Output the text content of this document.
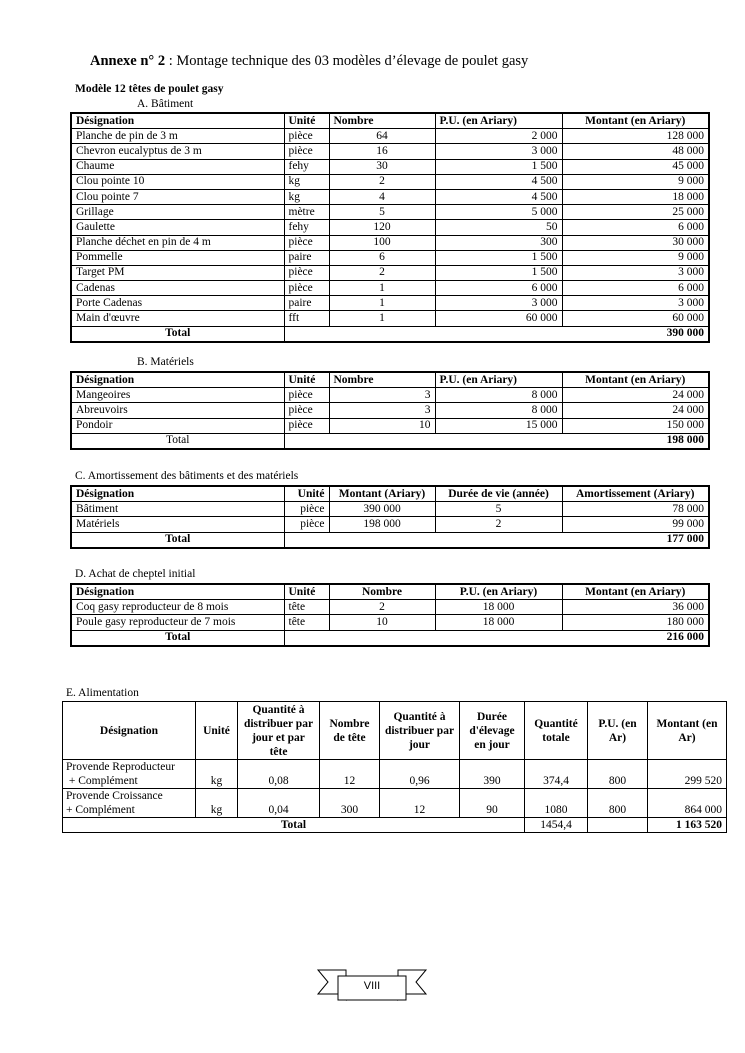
Annexe n° 2 : Montage technique des 03 modèles d’élevage de poulet gasy
Modèle 12 têtes de poulet gasy
A. Bâtiment
Désignation	Unité	Nombre	P.U. (en Ariary)	Montant (en Ariary)
Planche de pin de 3 m	pièce	64	2 000	128 000
Chevron eucalyptus de 3 m	pièce	16	3 000	48 000
Chaume	fehy	30	1 500	45 000
Clou pointe 10	kg	2	4 500	9 000
Clou pointe 7	kg	4	4 500	18 000
Grillage	mètre	5	5 000	25 000
Gaulette	fehy	120	50	6 000
Planche déchet en pin de 4 m	pièce	100	300	30 000
Pommelle	paire	6	1 500	9 000
Target PM	pièce	2	1 500	3 000
Cadenas	pièce	1	6 000	6 000
Porte Cadenas	paire	1	3 000	3 000
Main d'œuvre	fft	1	60 000	60 000
Total	390 000			
B. Matériels
Désignation	Unité	Nombre	P.U. (en Ariary)	Montant (en Ariary)
Mangeoires	pièce	3	8 000	24 000
Abreuvoirs	pièce	3	8 000	24 000
Pondoir	pièce	10	15 000	150 000
Total	198 000			
C. Amortissement des bâtiments et des matériels
Désignation	Unité	Montant (Ariary)	Durée de vie (année)	Amortissement (Ariary)
Bâtiment	pièce	390 000	5	78 000
Matériels	pièce	198 000	2	99 000
Total	177 000			
D. Achat de cheptel initial
Désignation	Unité	Nombre	P.U. (en Ariary)	Montant (en Ariary)
Coq gasy reproducteur de 8 mois	tête	2	18 000	36 000
Poule gasy reproducteur de 7 mois	tête	10	18 000	180 000
Total	216 000			
E. Alimentation
Désignation	Unité	Quantité à distribuer par jour et par tête	Nombre de tête	Quantité à distribuer par jour	Durée d'élevage en jour	Quantité totale	P.U. (en Ar)	Montant (en Ar)

Provende Reproducteur
+ Complément	kg	0,08	12	0,96	390	374,4	800	299 520

Provende Croissance
+ Complément	kg	0,04	300	12	90	1080	800	864 000
Total						1454,4		1 163 520
VIII
